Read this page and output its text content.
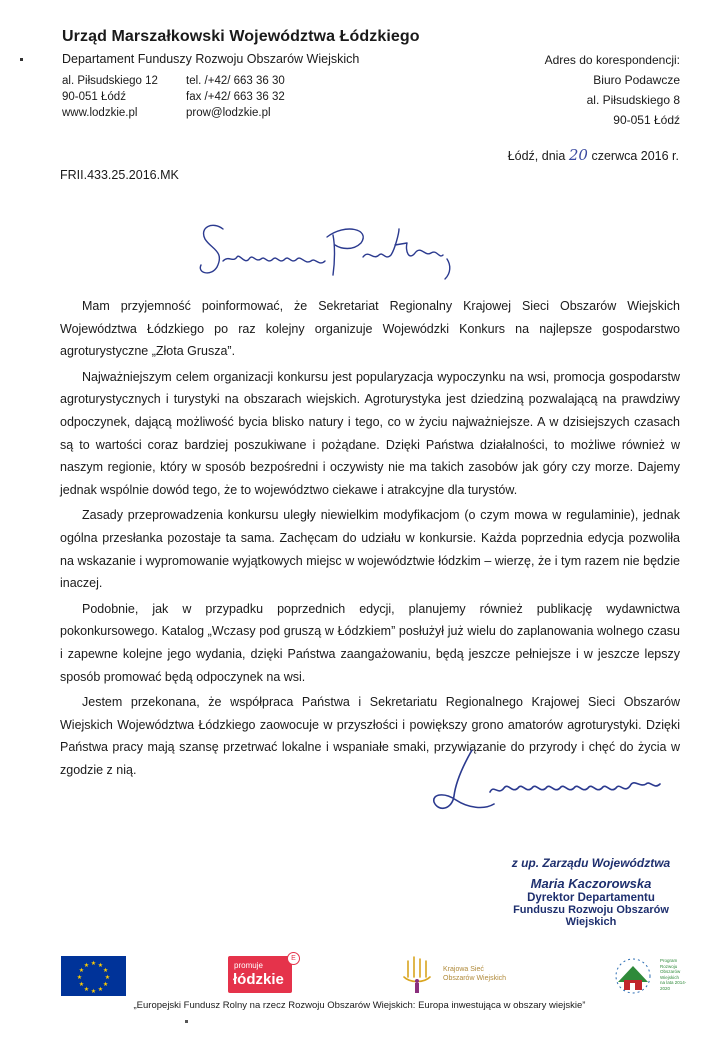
Urząd Marszałkowski Województwa Łódzkiego
Departament Funduszy Rozwoju Obszarów Wiejskich
al. Piłsudskiego 12
90-051 Łódź
www.lodzkie.pl
tel. /+42/ 663 36 30
fax /+42/ 663 36 32
prow@lodzkie.pl
Adres do korespondencji:
Biuro Podawcze
al. Piłsudskiego 8
90-051 Łódź
Łódź, dnia 20 czerwca 2016 r.
FRII.433.25.2016.MK

Mam przyjemność poinformować, że Sekretariat Regionalny Krajowej Sieci Obszarów Wiejskich Województwa Łódzkiego po raz kolejny organizuje Wojewódzki Konkurs na najlepsze gospodarstwo agroturystyczne „Złota Grusza”.

Najważniejszym celem organizacji konkursu jest popularyzacja wypoczynku na wsi, promocja gospodarstw agroturystycznych i turystyki na obszarach wiejskich. Agroturystyka jest dziedziną pozwalającą na prawdziwy odpoczynek, dającą możliwość bycia blisko natury i tego, co w życiu najważniejsze. A w dzisiejszych czasach są to wartości coraz bardziej poszukiwane i pożądane. Dzięki Państwa działalności, to możliwe również w naszym regionie, który w sposób bezpośredni i oczywisty nie ma takich zasobów jak góry czy morze. Dajemy jednak wspólnie dowód tego, że to województwo ciekawe i atrakcyjne dla turystów.

Zasady przeprowadzenia konkursu uległy niewielkim modyfikacjom (o czym mowa w regulaminie), jednak ogólna przesłanka pozostaje ta sama. Zachęcam do udziału w konkursie. Każda poprzednia edycja pozwoliła na wskazanie i wypromowanie wyjątkowych miejsc w województwie łódzkim – wierzę, że i tym razem nie będzie inaczej.

Podobnie, jak w przypadku poprzednich edycji, planujemy również publikację wydawnictwa pokonkursowego. Katalog „Wczasy pod gruszą w Łódzkiem” posłużył już wielu do zaplanowania wolnego czasu i zapewne kolejne jego wydania, dzięki Państwa zaangażowaniu, będą jeszcze pełniejsze i w jeszcze lepszy sposób promować będą odpoczynek na wsi.

Jestem przekonana, że współpraca Państwa i Sekretariatu Regionalnego Krajowej Sieci Obszarów Wiejskich Województwa Łódzkiego zaowocuje w przyszłości i powiększy grono amatorów agroturystyki. Dzięki Państwa pracy mają szansę przetrwać lokalne i wspaniałe smaki, przywiązanie do przyrody i chęć do życia w zgodzie z nią.

z up. Zarządu Województwa
Maria Kaczorowska
Dyrektor Departamentu
Funduszu Rozwoju Obszarów Wiejskich
★ ★
★
★
★
★
★
★
★
★
★
★	promuje
łódzkie
E
Krajowa Sieć
Obszarów Wiejskich
Program
Rozwoju
Obszarów
Wiejskich
na lata 2014-2020
„Europejski Fundusz Rolny na rzecz Rozwoju Obszarów Wiejskich: Europa inwestująca w obszary wiejskie”
